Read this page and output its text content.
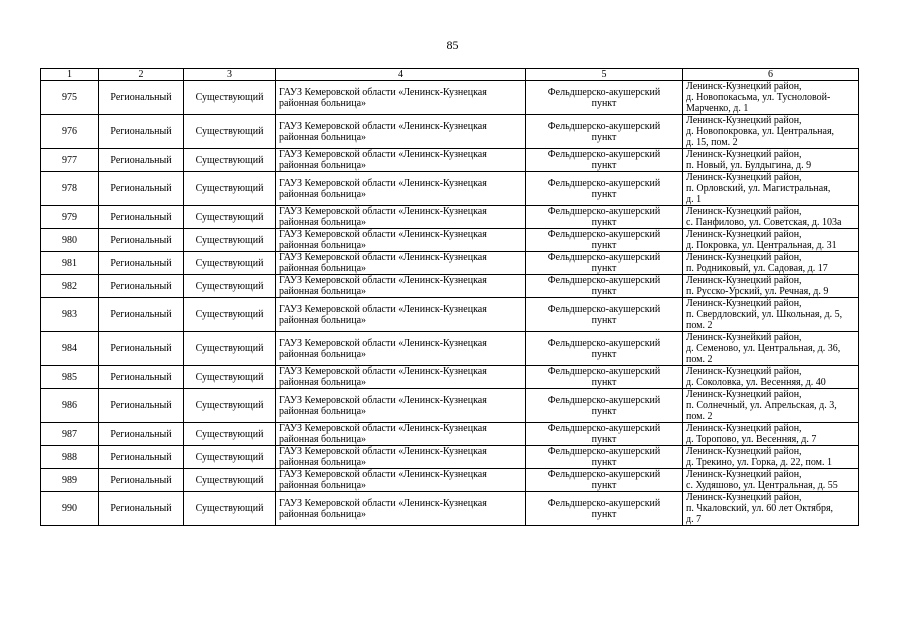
85
1	2	3	4	5	6
975	Региональный	Существующий	ГАУЗ Кемеровской области «Ленинск-Кузнецкая
районная больница»	Фельдшерско-акушерский
пункт	Ленинск-Кузнецкий район,
д. Новопокасьма, ул. Тусноловой-
Марченко, д. 1

976	Региональный	Существующий	ГАУЗ Кемеровской области «Ленинск-Кузнецкая
районная больница»	Фельдшерско-акушерский
пункт	Ленинск-Кузнецкий район,
д. Новопокровка, ул. Центральная,
д. 15, пом. 2

977	Региональный	Существующий	ГАУЗ Кемеровской области «Ленинск-Кузнецкая
районная больница»	Фельдшерско-акушерский
пункт	Ленинск-Кузнецкий район,
п. Новый, ул. Булдыгина, д. 9

978	Региональный	Существующий	ГАУЗ Кемеровской области «Ленинск-Кузнецкая
районная больница»	Фельдшерско-акушерский
пункт	Ленинск-Кузнецкий район,
п. Орловский, ул. Магистральная,
д. 1

979	Региональный	Существующий	ГАУЗ Кемеровской области «Ленинск-Кузнецкая
районная больница»	Фельдшерско-акушерский
пункт	Ленинск-Кузнецкий район,
с. Панфилово, ул. Советская, д. 103а

980	Региональный	Существующий	ГАУЗ Кемеровской области «Ленинск-Кузнецкая
районная больница»	Фельдшерско-акушерский
пункт	Ленинск-Кузнецкий район,
д. Покровка, ул. Центральная, д. 31

981	Региональный	Существующий	ГАУЗ Кемеровской области «Ленинск-Кузнецкая
районная больница»	Фельдшерско-акушерский
пункт	Ленинск-Кузнецкий район,
п. Родниковый, ул. Садовая, д. 17

982	Региональный	Существующий	ГАУЗ Кемеровской области «Ленинск-Кузнецкая
районная больница»	Фельдшерско-акушерский
пункт	Ленинск-Кузнецкий район,
п. Русско-Урский, ул. Речная, д. 9

983	Региональный	Существующий	ГАУЗ Кемеровской области «Ленинск-Кузнецкая
районная больница»	Фельдшерско-акушерский
пункт	Ленинск-Кузнецкий район,
п. Свердловский, ул. Школьная, д. 5,
пом. 2

984	Региональный	Существующий	ГАУЗ Кемеровской области «Ленинск-Кузнецкая
районная больница»	Фельдшерско-акушерский
пункт	Ленинск-Кузнейкий район,
д. Семеново, ул. Центральная, д. 36,
пом. 2

985	Региональный	Существующий	ГАУЗ Кемеровской области «Ленинск-Кузнецкая
районная больница»	Фельдшерско-акушерский
пункт	Ленинск-Кузнецкий район,
д. Соколовка, ул. Весенняя, д. 40

986	Региональный	Существующий	ГАУЗ Кемеровской области «Ленинск-Кузнецкая
районная больница»	Фельдшерско-акушерский
пункт	Ленинск-Кузнецкий район,
п. Солнечный, ул. Апрельская, д. 3,
пом. 2

987	Региональный	Существующий	ГАУЗ Кемеровской области «Ленинск-Кузнецкая
районная больница»	Фельдшерско-акушерский
пункт	Ленинск-Кузнецкий район,
д. Торопово, ул. Весенняя, д. 7

988	Региональный	Существующий	ГАУЗ Кемеровской области «Ленинск-Кузнецкая
районная больница»	Фельдшерско-акушерский
пункт	Ленинск-Кузнецкий район,
д. Трекино, ул. Горка, д. 22, пом. 1

989	Региональный	Существующий	ГАУЗ Кемеровской области «Ленинск-Кузнецкая
районная больница»	Фельдшерско-акушерский
пункт	Ленинск-Кузнецкий район,
с. Худяшово, ул. Центральная, д. 55

990	Региональный	Существующий	ГАУЗ Кемеровской области «Ленинск-Кузнецкая
районная больница»	Фельдшерско-акушерский
пункт	Ленинск-Кузнецкий район,
п. Чкаловский, ул. 60 лет Октября,
д. 7
